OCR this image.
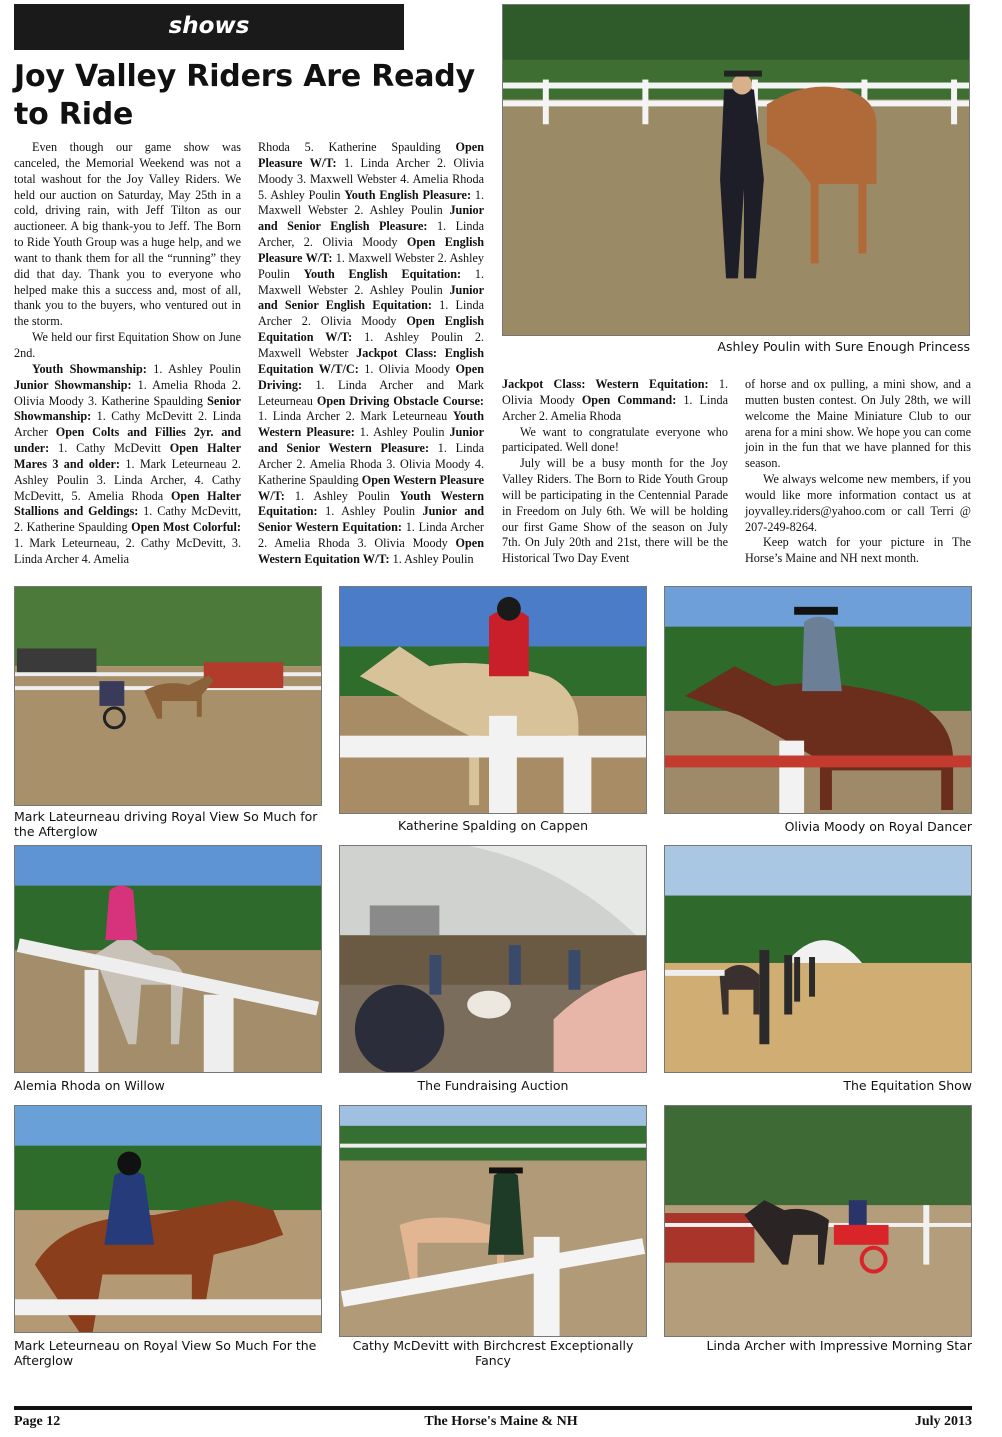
shows
Joy Valley Riders Are Ready to Ride

Even though our game show was canceled, the Memorial Weekend was not a total washout for the Joy Valley Riders. We held our auction on Saturday, May 25th in a cold, driving rain, with Jeff Tilton as our auctioneer. A big thank-you to Jeff. The Born to Ride Youth Group was a huge help, and we want to thank them for all the “running” they did that day. Thank you to everyone who helped make this a success and, most of all, thank you to the buyers, who ventured out in the storm.

We held our first Equitation Show on June 2nd.

Youth Showmanship: 1. Ashley Poulin Junior Showmanship: 1. Amelia Rhoda 2. Olivia Moody 3. Katherine Spaulding Senior Showmanship: 1. Cathy McDevitt 2. Linda Archer Open Colts and Fillies 2yr. and under: 1. Cathy McDevitt Open Halter Mares 3 and older: 1. Mark Leteurneau 2. Ashley Poulin 3. Linda Archer, 4. Cathy McDevitt, 5. Amelia Rhoda Open Halter Stallions and Geldings: 1. Cathy McDevitt, 2. Katherine Spaulding Open Most Colorful: 1. Mark Leteurneau, 2. Cathy McDevitt, 3. Linda Archer 4. Amelia

Rhoda 5. Katherine Spaulding Open Pleasure W/T: 1. Linda Archer 2. Olivia Moody 3. Maxwell Webster 4. Amelia Rhoda 5. Ashley Poulin Youth English Pleasure: 1. Maxwell Webster 2. Ashley Poulin Junior and Senior English Pleasure: 1. Linda Archer, 2. Olivia Moody Open English Pleasure W/T: 1. Maxwell Webster 2. Ashley Poulin Youth English Equitation: 1. Maxwell Webster 2. Ashley Poulin Junior and Senior English Equitation: 1. Linda Archer 2. Olivia Moody Open English Equitation W/T: 1. Ashley Poulin 2. Maxwell Webster Jackpot Class: English Equitation W/T/C: 1. Olivia Moody Open Driving: 1. Linda Archer and Mark Leteurneau Open Driving Obstacle Course: 1. Linda Archer 2. Mark Leteurneau Youth Western Pleasure: 1. Ashley Poulin Junior and Senior Western Pleasure: 1. Linda Archer 2. Amelia Rhoda 3. Olivia Moody 4. Katherine Spaulding Open Western Pleasure W/T: 1. Ashley Poulin Youth Western Equitation: 1. Ashley Poulin Junior and Senior Western Equitation: 1. Linda Archer 2. Amelia Rhoda 3. Olivia Moody Open Western Equitation W/T: 1. Ashley Poulin

Jackpot Class: Western Equitation: 1. Olivia Moody Open Command: 1. Linda Archer 2. Amelia Rhoda

We want to congratulate everyone who participated. Well done!

July will be a busy month for the Joy Valley Riders. The Born to Ride Youth Group will be participating in the Centennial Parade in Freedom on July 6th. We will be holding our first Game Show of the season on July 7th. On July 20th and 21st, there will be the Historical Two Day Event

of horse and ox pulling, a mini show, and a mutten busten contest. On July 28th, we will welcome the Maine Miniature Club to our arena for a mini show. We hope you can come join in the fun that we have planned for this season.

We always welcome new members, if you would like more information contact us at joyvalley.riders@yahoo.com or call Terri @ 207-249-8264.

Keep watch for your picture in The Horse’s Maine and NH next month.

Ashley Poulin with Sure Enough Princess
Mark Lateurneau driving Royal View So Much for the Afterglow	Katherine Spalding on Cappen	Olivia Moody on Royal Dancer
Alemia Rhoda on Willow	The Fundraising Auction	The Equitation Show
Mark Leteurneau on Royal View So Much For the Afterglow
Cathy McDevitt with Birchcrest Exceptionally Fancy
Linda Archer with Impressive Morning Star
Page 12	The Horse's Maine & NH	July 2013
